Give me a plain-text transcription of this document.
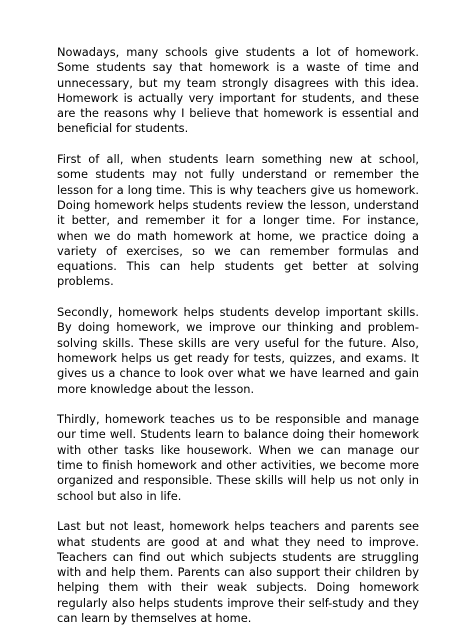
Nowadays, many schools give students a lot of homework. Some students say that homework is a waste of time and unnecessary, but my team strongly disagrees with this idea. Homework is actually very important for students, and these are the reasons why I believe that homework is essential and beneficial for students.

First of all, when students learn something new at school, some students may not fully understand or remember the lesson for a long time. This is why teachers give us homework. Doing homework helps students review the lesson, understand it better, and remember it for a longer time. For instance, when we do math homework at home, we practice doing a variety of exercises, so we can remember formulas and equations. This can help students get better at solving problems.

Secondly, homework helps students develop important skills. By doing homework, we improve our thinking and problem-solving skills. These skills are very useful for the future. Also, homework helps us get ready for tests, quizzes, and exams. It gives us a chance to look over what we have learned and gain more knowledge about the lesson.

Thirdly, homework teaches us to be responsible and manage our time well. Students learn to balance doing their homework with other tasks like housework. When we can manage our time to finish homework and other activities, we become more organized and responsible. These skills will help us not only in school but also in life.

Last but not least, homework helps teachers and parents see what students are good at and what they need to improve. Teachers can find out which subjects students are struggling with and help them. Parents can also support their children by helping them with their weak subjects. Doing homework regularly also helps students improve their self-study and they can learn by themselves at home.
